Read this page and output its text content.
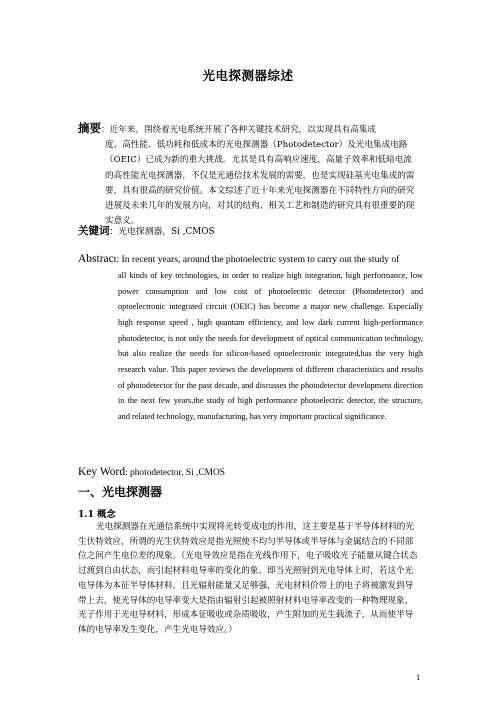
光电探测器综述
摘要：近年来，围绕着光电系统开展了各种关键技术研究，以实现具有高集成
度、高性能、低功耗和低成本的光电探测器（Photodetector）及光电集成电路（OEIC）已成为新的重大挑战。尤其是具有高响应速度，高量子效率和低暗电流的高性能光电探测器，不仅是光通信技术发展的需要，也是实现硅基光电集成的需要，具有很高的研究价值。本文综述了近十年来光电探测器在不同特性方向的研究进展及未来几年的发展方向，对其的结构、相关工艺和制造的研究具有很重要的现实意义。
关键词：光电探测器，Si ,CMOS
Abstract: In recent years, around the photoelectric system to carry out the study of
all kinds of key technologies, in order to realize high integration, high performance, low power consumption and low cost of photoelectric detector (Photodetector) and optoelectronic integrated circuit (OEIC) has become a major new challenge. Especially high response speed , high quantum efficiency, and low dark current high-performance photodetector, is not only the needs for development of optical communication technology, but also realize the needs for silicon-based optoelectronic integrated,has the very high research value. This paper reviews the development of different characteristics and results of photodetector for the past decade, and discusses the photodetector development direction in the next few years,the study of high performance photoelectric detector, the structure, and related technology, manufacturing, has very important practical significance.
Key Word: photodetector, Si ,CMOS
一、光电探测器
1.1 概念
光电探测器在光通信系统中实现将光转变成电的作用，这主要是基于半导体材料的光生伏特效应，所谓的光生伏特效应是指光照使不均匀半导体或半导体与金属结合的不同部位之间产生电位差的现象。（光电导效应是指在光线作用下，电子吸收光子能量从键合状态过渡到自由状态，而引起材料电导率的变化的象。即当光照射到光电导体上时，若这个光电导体为本征半导体材料，且光辐射能量又足够强，光电材料价带上的电子将被激发到导带上去，使光导体的电导率变大是指由辐射引起被照射材料电导率改变的一种物理现象，光子作用于光电导材料，形成本征吸收或杂质吸收，产生附加的光生载流子，从而使半导体的电导率发生变化，产生光电导效应。）
1
